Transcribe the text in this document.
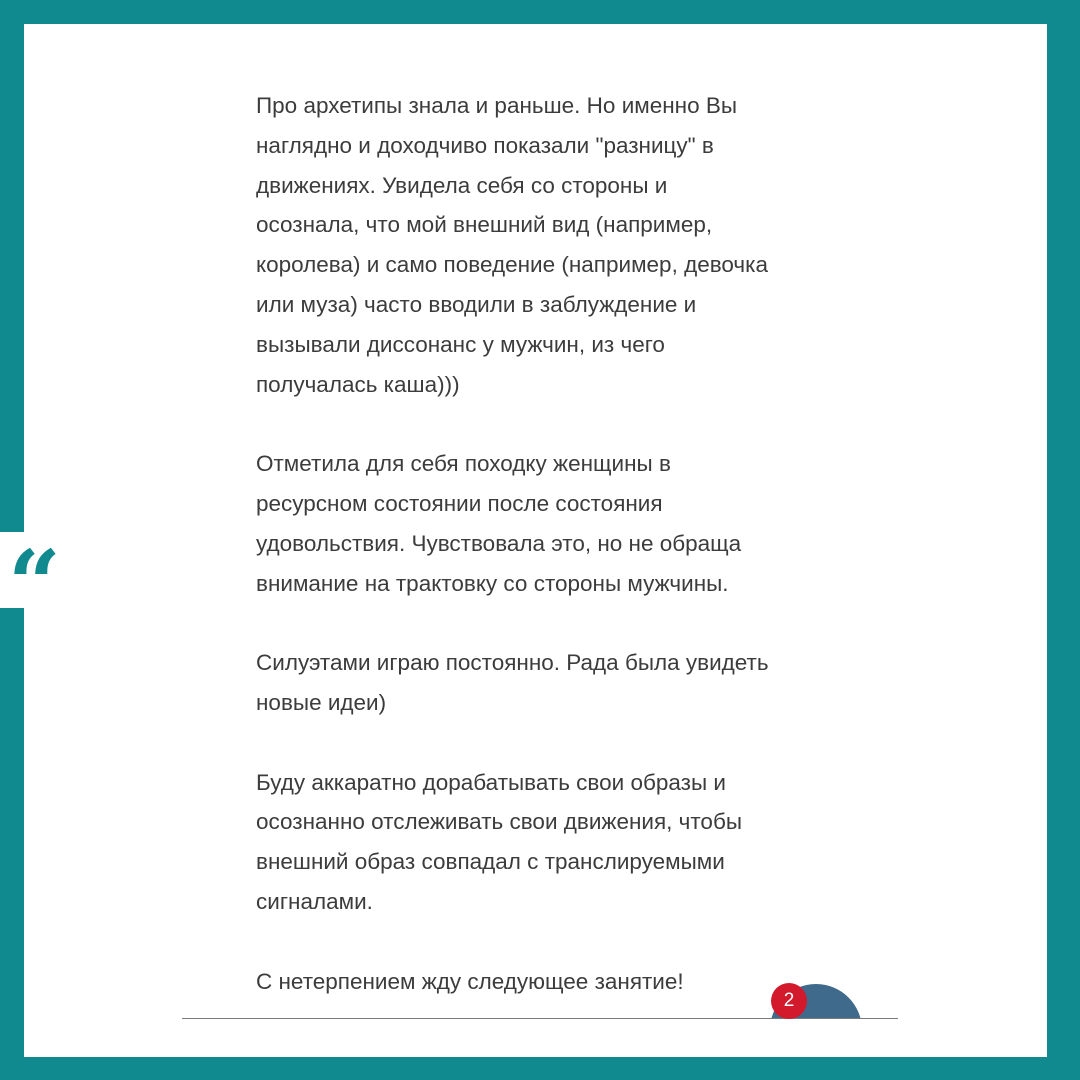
“

Про архетипы знала и раньше. Но именно Вы
наглядно и доходчиво показали "разницу" в
движениях. Увидела себя со стороны и
осознала, что мой внешний вид (например,
королева) и само поведение (например, девочка
или муза) часто вводили в заблуждение и
вызывали диссонанс у мужчин, из чего
получалась каша)))

Отметила для себя походку женщины в
ресурсном состоянии после состояния
удовольствия. Чувствовала это, но не обраща
внимание на трактовку со стороны мужчины.

Силуэтами играю постоянно. Рада была увидеть
новые идеи)

Буду аккаратно дорабатывать свои образы и
осознанно отслеживать свои движения, чтобы
внешний образ совпадал с транслируемыми
сигналами.

С нетерпением жду следующее занятие!

2
